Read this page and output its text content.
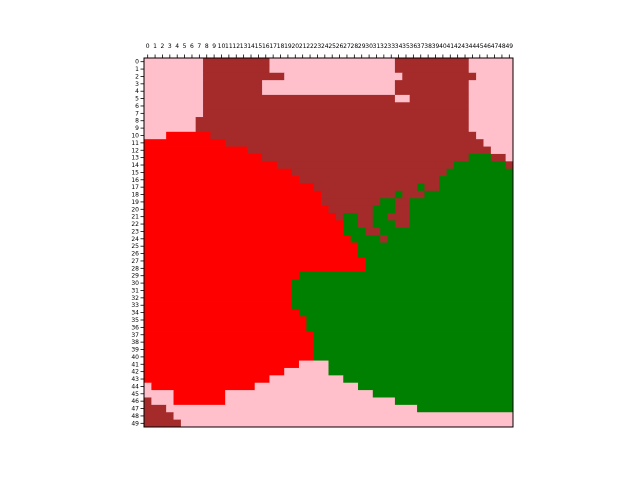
0 1 2 3 4 5 6 7 8 9 10 11 12 13 14 15 16 17 18 19 20 21 22 23 24 25 26 27 28 29 30 31 32 33 34 35 36 37 38 39 40 41 42 43 44 45 46 47 48 49
0
1
2
3
4
5
6
7
8
9
10
11
12
13
14
15
16
17
18
19
20
21
22
23
24
25
26
27
28
29
30
31
32
33
34
35
36
37
38
39
40
41
42
43
44
45
46
47
48
49
